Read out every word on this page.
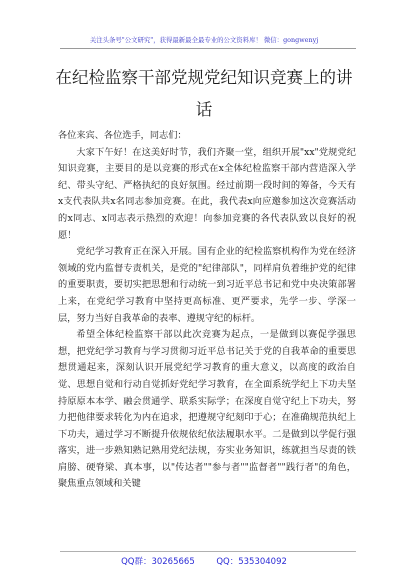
关注头条号"公文研究"，获得最新最全最专业的公文资料库！ 微信：gongwenyj
在纪检监察干部党规党纪知识竞赛上的讲话

各位来宾、各位选手，同志们：

大家下午好！在这美好时节，我们齐聚一堂，组织开展"xx"党规党纪知识竞赛，主要目的是以竞赛的形式在x全体纪检监察干部内营造深入学纪、带头守纪、严格执纪的良好氛围。经过前期一段时间的筹备，今天有x支代表队共x名同志参加竞赛。在此，我代表x向应邀参加这次竞赛活动的x同志、x同志表示热烈的欢迎！向参加竞赛的各代表队致以良好的祝愿！

党纪学习教育正在深入开展。国有企业的纪检监察机构作为党在经济领域的党内监督专责机关，是党的"纪律部队"，同样肩负着维护党的纪律的重要职责，要切实把思想和行动统一到习近平总书记和党中央决策部署上来，在党纪学习教育中坚持更高标准、更严要求，先学一步、学深一层，努力当好自我革命的表率、遵规守纪的标杆。

希望全体纪检监察干部以此次竞赛为起点，一是做到以赛促学强思想，把党纪学习教育与学习贯彻习近平总书记关于党的自我革命的重要思想贯通起来，深刻认识开展党纪学习教育的重大意义，以高度的政治自觉、思想自觉和行动自觉抓好党纪学习教育，在全面系统学纪上下功夫坚持原原本本学、融会贯通学、联系实际学；在深度自觉守纪上下功夫，努力把他律要求转化为内在追求，把遵规守纪刻印于心；在准确规范执纪上下功夫，通过学习不断提升依规依纪依法履职水平。二是做到以学促行强落实，进一步熟知熟记熟用党纪法规，夯实业务知识，练就担当尽责的铁肩膀、硬脊梁、真本事，以"传达者""参与者""监督者""践行者"的角色，聚焦重点领域和关键

QQ群：30265665        QQ：535304092
